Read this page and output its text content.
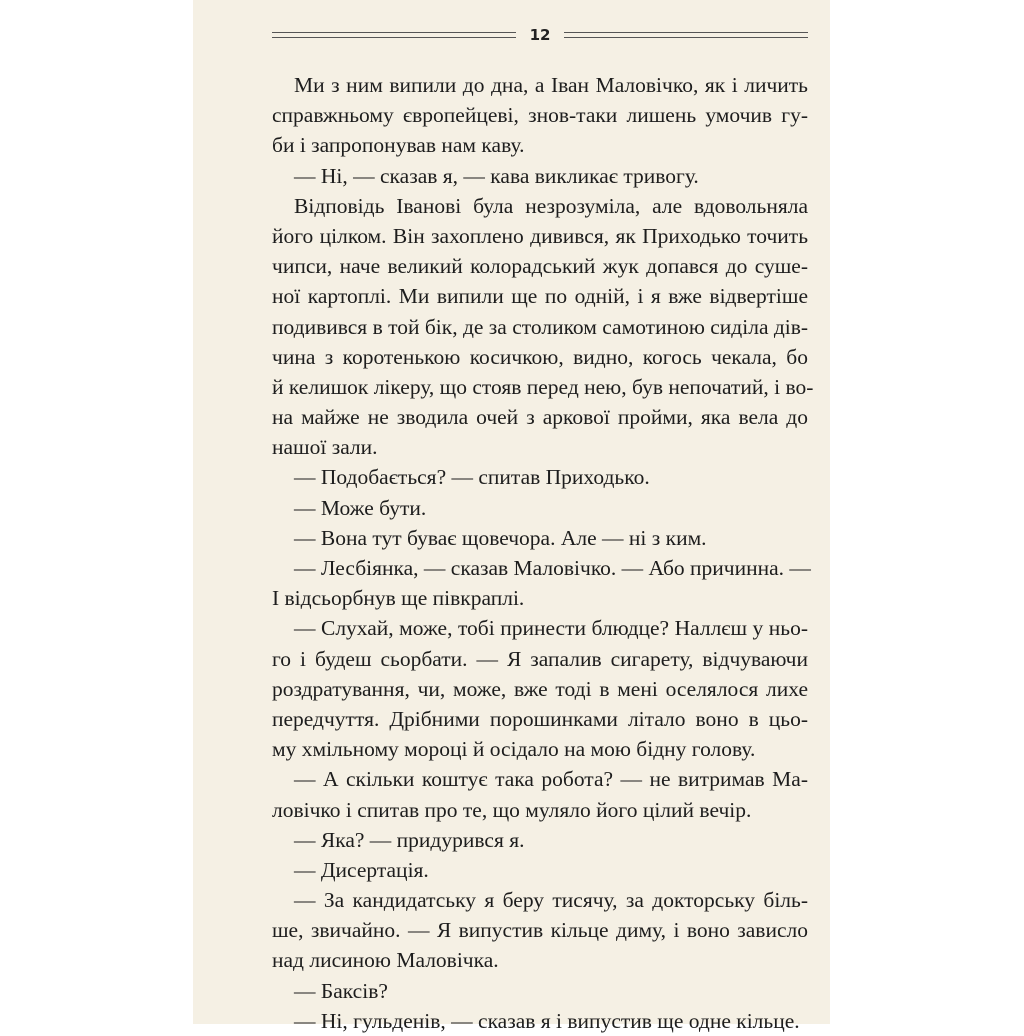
12
Ми з ним випили до дна, а Іван Маловічко, як і личить
справжньому європейцеві, знов-таки лишень умочив гу-
би і запропонував нам каву.
— Ні, — сказав я, — кава викликає тривогу.
Відповідь Іванові була незрозуміла, але вдовольняла
його цілком. Він захоплено дивився, як Приходько точить
чипси, наче великий колорадський жук допався до суше-
ної картоплі. Ми випили ще по одній, і я вже відвертіше
подивився в той бік, де за столиком самотиною сиділа дів-
чина з коротенькою косичкою, видно, когось чекала, бо
й келишок лікеру, що стояв перед нею, був непочатий, і во-
на майже не зводила очей з аркової пройми, яка вела до
нашої зали.
— Подобається? — спитав Приходько.
— Може бути.
— Вона тут буває щовечора. Але — ні з ким.
— Лесбіянка, — сказав Маловічко. — Або причинна. —
І відсьорбнув ще півкраплі.
— Слухай, може, тобі принести блюдце? Наллєш у ньо-
го і будеш сьорбати. — Я запалив сигарету, відчуваючи
роздратування, чи, може, вже тоді в мені оселялося лихе
передчуття. Дрібними порошинками літало воно в цьо-
му хмільному мороці й осідало на мою бідну голову.
— А скільки коштує така робота? — не витримав Ма-
ловічко і спитав про те, що муляло його цілий вечір.
— Яка? — придурився я.
— Дисертація.
— За кандидатську я беру тисячу, за докторську біль-
ше, звичайно. — Я випустив кільце диму, і воно зависло
над лисиною Маловічка.
— Баксів?
— Ні, гульденів, — сказав я і випустив ще одне кільце.
